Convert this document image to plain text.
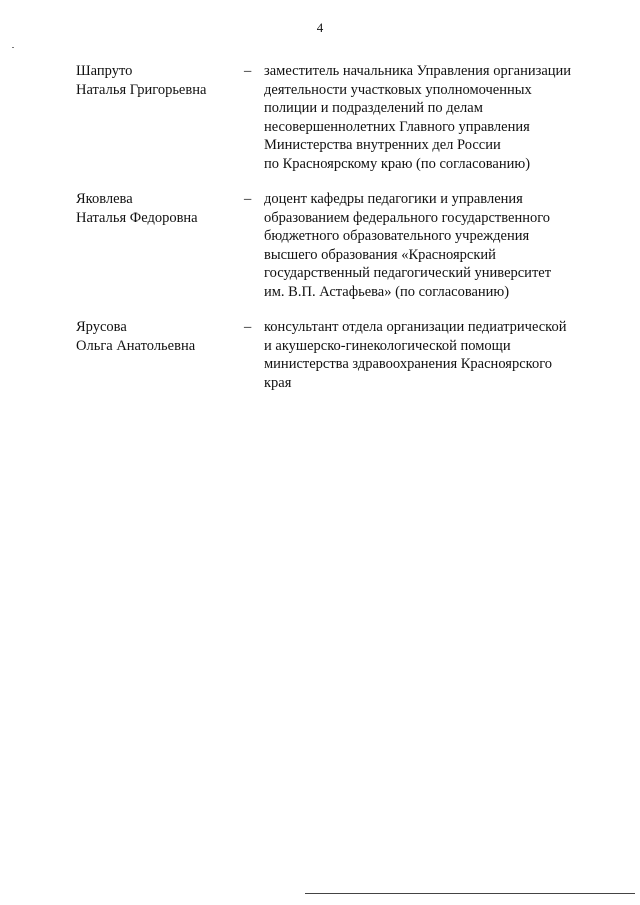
4
Шапруто
Наталья Григорьевна
– заместитель начальника Управления организации
деятельности участковых уполномоченных
полиции и подразделений по делам
несовершеннолетних Главного управления
Министерства внутренних дел России
по Красноярскому краю (по согласованию)
Яковлева
Наталья Федоровна
– доцент кафедры педагогики и управления
образованием федерального государственного
бюджетного образовательного учреждения
высшего образования «Красноярский
государственный педагогический университет
им. В.П. Астафьева» (по согласованию)
Ярусова
Ольга Анатольевна
– консультант отдела организации педиатрической
и акушерско-гинекологической помощи
министерства здравоохранения Красноярского
края
